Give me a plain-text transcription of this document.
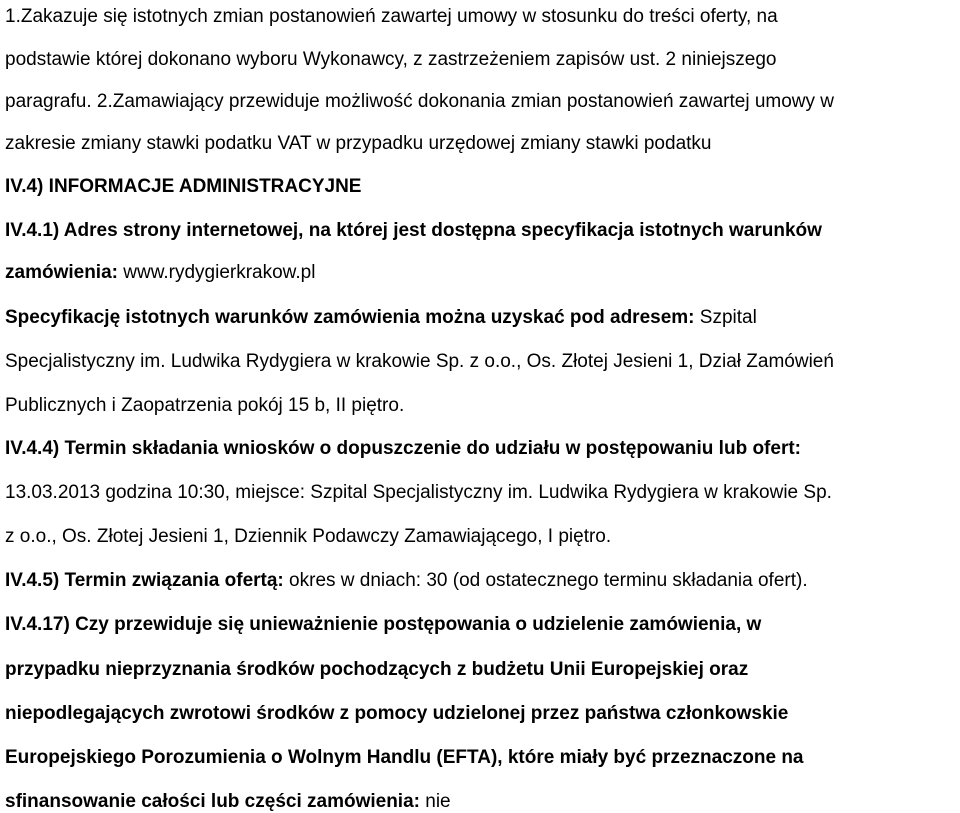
1.Zakazuje się istotnych zmian postanowień zawartej umowy w stosunku do treści oferty, na
podstawie której dokonano wyboru Wykonawcy, z zastrzeżeniem zapisów ust. 2 niniejszego
paragrafu. 2.Zamawiający przewiduje możliwość dokonania zmian postanowień zawartej umowy w
zakresie zmiany stawki podatku VAT w przypadku urzędowej zmiany stawki podatku
IV.4) INFORMACJE ADMINISTRACYJNE
IV.4.1) Adres strony internetowej, na której jest dostępna specyfikacja istotnych warunków
zamówienia: www.rydygierkrakow.pl
Specyfikację istotnych warunków zamówienia można uzyskać pod adresem: Szpital
Specjalistyczny im. Ludwika Rydygiera w krakowie Sp. z o.o., Os. Złotej Jesieni 1, Dział Zamówień
Publicznych i Zaopatrzenia pokój 15 b, II piętro.
IV.4.4) Termin składania wniosków o dopuszczenie do udziału w postępowaniu lub ofert:
13.03.2013 godzina 10:30, miejsce: Szpital Specjalistyczny im. Ludwika Rydygiera w krakowie Sp.
z o.o., Os. Złotej Jesieni 1, Dziennik Podawczy Zamawiającego, I piętro.
IV.4.5) Termin związania ofertą: okres w dniach: 30 (od ostatecznego terminu składania ofert).
IV.4.17) Czy przewiduje się unieważnienie postępowania o udzielenie zamówienia, w
przypadku nieprzyznania środków pochodzących z budżetu Unii Europejskiej oraz
niepodlegających zwrotowi środków z pomocy udzielonej przez państwa członkowskie
Europejskiego Porozumienia o Wolnym Handlu (EFTA), które miały być przeznaczone na
sfinansowanie całości lub części zamówienia: nie
